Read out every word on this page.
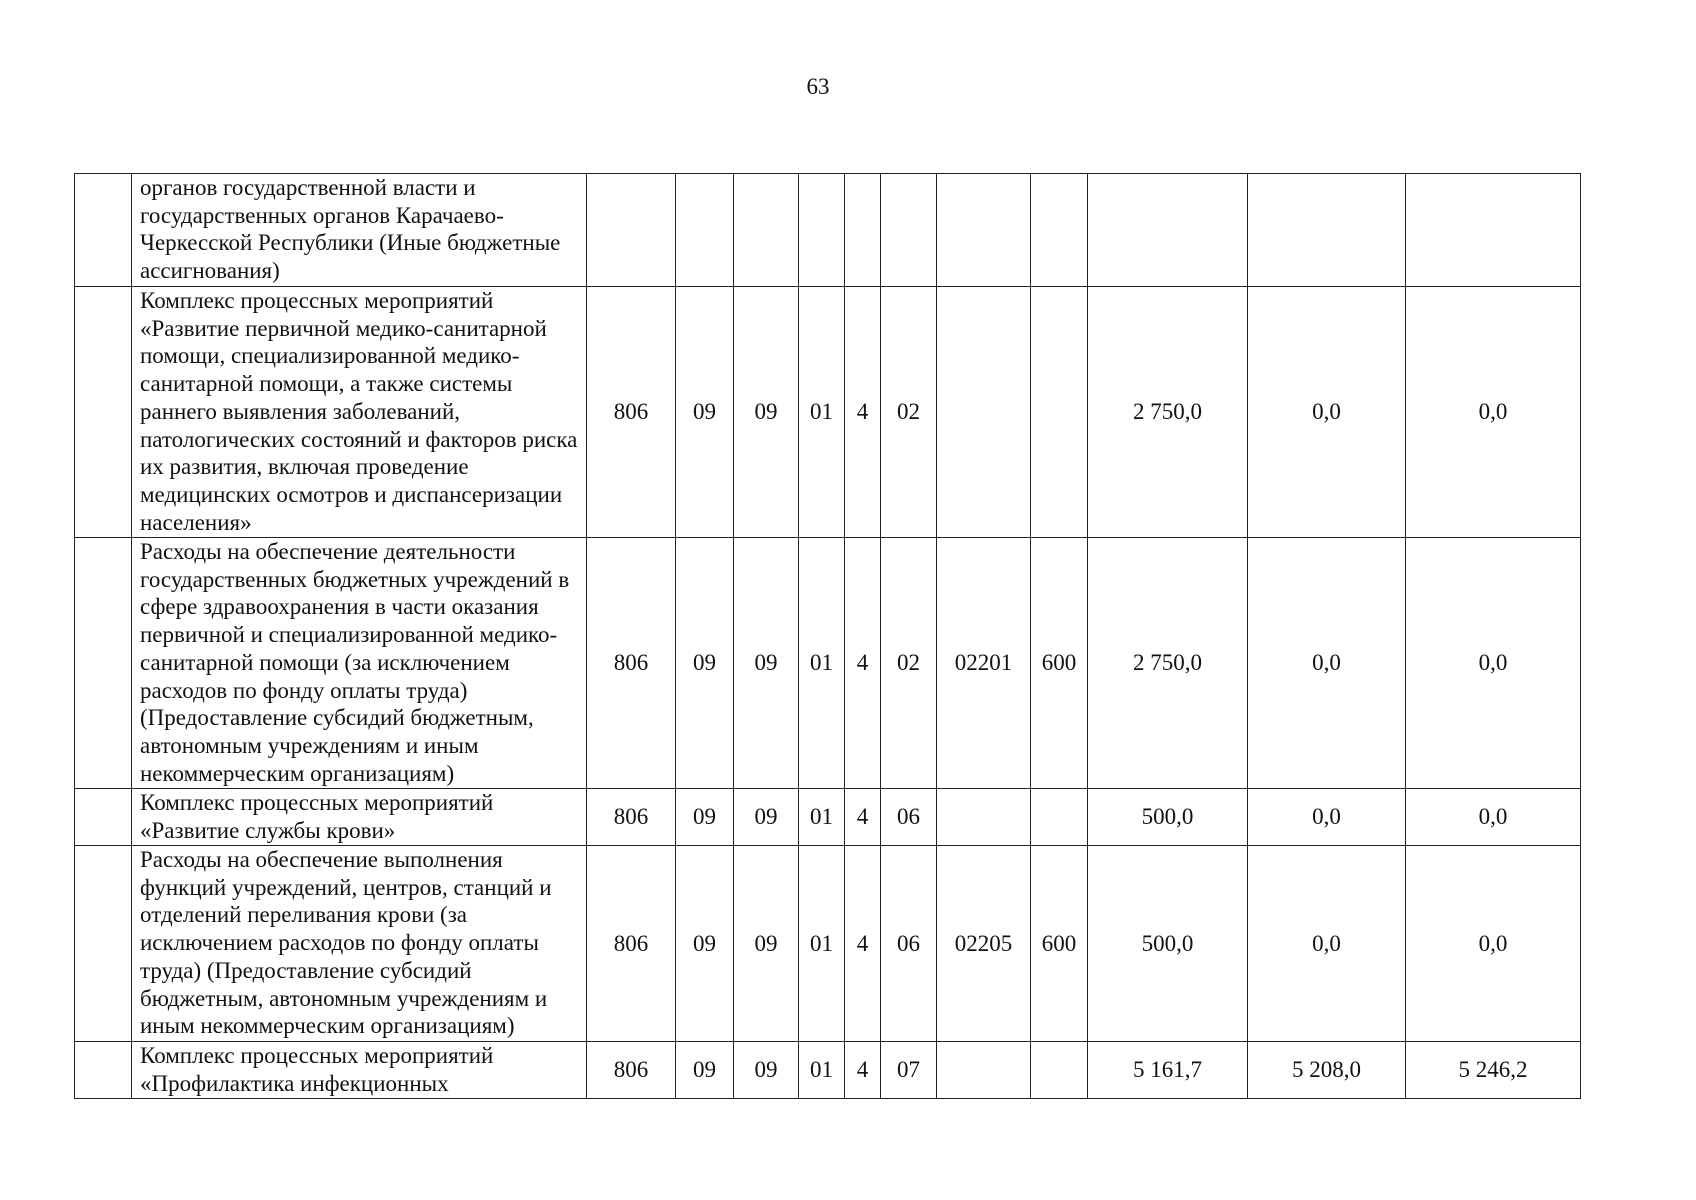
63
	органов государственной власти и государственных органов Карачаево-Черкесской Республики (Иные бюджетные ассигнования)											
	Комплекс процессных мероприятий «Развитие первичной медико-санитарной помощи, специализированной медико-санитарной помощи, а также системы раннего выявления заболеваний, патологических состояний и факторов риска их развития, включая проведение медицинских осмотров и диспансеризации населения»	806	09	09	01	4	02			2 750,0	0,0	0,0
	Расходы на обеспечение деятельности государственных бюджетных учреждений в сфере здравоохранения в части оказания первичной и специализированной медико-санитарной помощи (за исключением расходов по фонду оплаты труда) (Предоставление субсидий бюджетным, автономным учреждениям и иным некоммерческим организациям)	806	09	09	01	4	02	02201	600	2 750,0	0,0	0,0
	Комплекс процессных мероприятий «Развитие службы крови»	806	09	09	01	4	06			500,0	0,0	0,0
	Расходы на обеспечение выполнения функций учреждений, центров, станций и отделений переливания крови (за исключением расходов по фонду оплаты труда) (Предоставление субсидий бюджетным, автономным учреждениям и иным некоммерческим организациям)	806	09	09	01	4	06	02205	600	500,0	0,0	0,0
	Комплекс процессных мероприятий «Профилактика инфекционных	806	09	09	01	4	07			5 161,7	5 208,0	5 246,2
